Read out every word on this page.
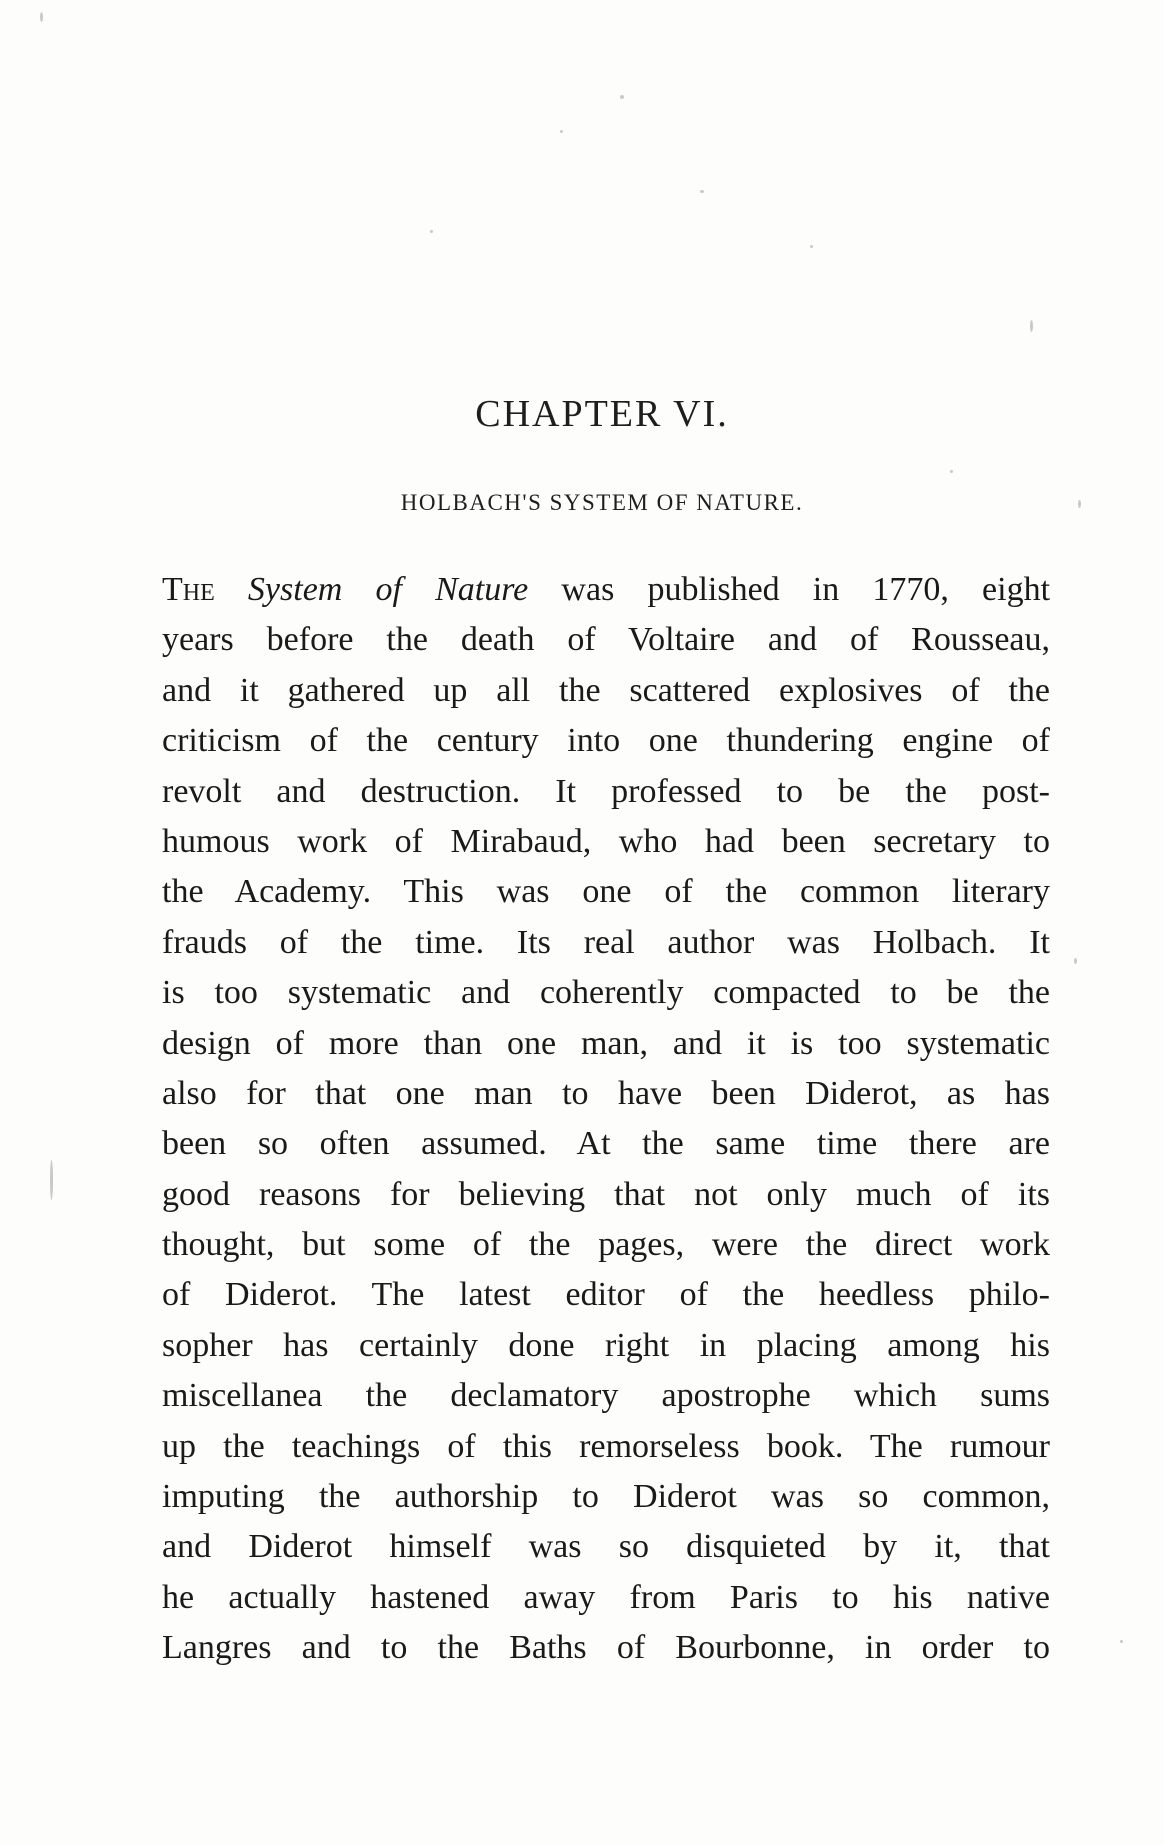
CHAPTER VI.
HOLBACH'S SYSTEM OF NATURE.
The System of Nature was published in 1770, eight
years before the death of Voltaire and of Rousseau,
and it gathered up all the scattered explosives of the
criticism of the century into one thundering engine of
revolt and destruction. It professed to be the post-
humous work of Mirabaud, who had been secretary to
the Academy. This was one of the common literary
frauds of the time. Its real author was Holbach. It
is too systematic and coherently compacted to be the
design of more than one man, and it is too systematic
also for that one man to have been Diderot, as has
been so often assumed. At the same time there are
good reasons for believing that not only much of its
thought, but some of the pages, were the direct work
of Diderot. The latest editor of the heedless philo-
sopher has certainly done right in placing among his
miscellanea the declamatory apostrophe which sums
up the teachings of this remorseless book. The rumour
imputing the authorship to Diderot was so common,
and Diderot himself was so disquieted by it, that
he actually hastened away from Paris to his native
Langres and to the Baths of Bourbonne, in order to
